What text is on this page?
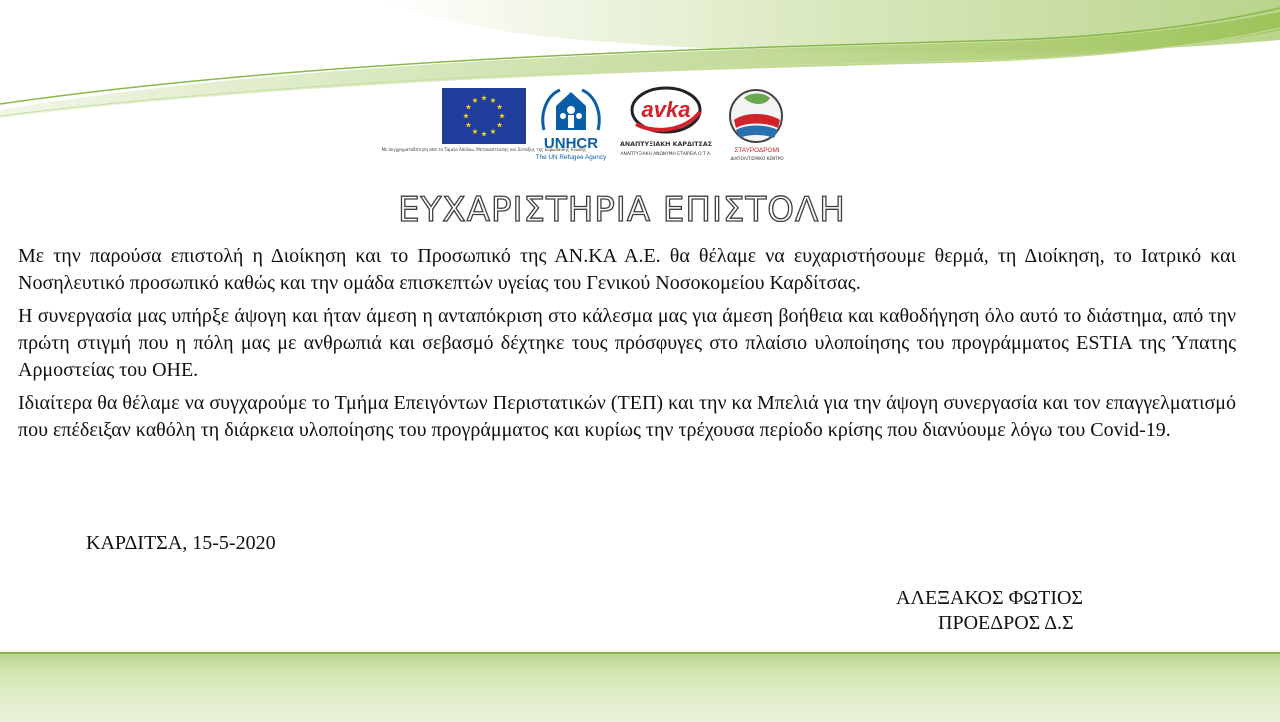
Με συγχρηματοδότηση από το Ταμείο Ασύλου, Μετανάστευσης και Ένταξης της Ευρωπαϊκής Ένωσης
UNHCR
The UN Refugee Agency
avka
ΑΝΑΠΤΥΞΙΑΚΗ ΚΑΡΔΙΤΣΑΣ
ΑΝΑΠΤΥΞΙΑΚΗ ΑΝΩΝΥΜΗ ΕΤΑΙΡΕΙΑ Ο.Τ.Α.
ΣΤΑΥΡΟΔΡΟΜΙ
ΔΙΑΠΟΛΙΤΙΣΜΙΚΟ ΚΕΝΤΡΟ
ΕΥΧΑΡΙΣΤΗΡΙΑ ΕΠΙΣΤΟΛΗ

Με την παρούσα επιστολή η Διοίκηση και το Προσωπικό της ΑΝ.ΚΑ Α.Ε. θα θέλαμε να ευχαριστήσουμε θερμά, τη Διοίκηση, το Ιατρικό και Νοσηλευτικό προσωπικό καθώς και την ομάδα επισκεπτών υγείας του Γενικού Νοσοκομείου Καρδίτσας.

Η συνεργασία μας υπήρξε άψογη και ήταν άμεση η ανταπόκριση στο κάλεσμα μας για άμεση βοήθεια και καθοδήγηση όλο αυτό το διάστημα, από την πρώτη στιγμή που η πόλη μας με ανθρωπιά και σεβασμό δέχτηκε τους πρόσφυγες στο πλαίσιο υλοποίησης του προγράμματος ESTIA της Ύπατης Αρμοστείας του ΟΗΕ.

Ιδιαίτερα θα θέλαμε να συγχαρούμε το Τμήμα Επειγόντων Περιστατικών (ΤΕΠ) και την κα Μπελιά για την άψογη συνεργασία και τον επαγγελματισμό που επέδειξαν καθόλη τη διάρκεια υλοποίησης του προγράμματος και κυρίως την τρέχουσα περίοδο κρίσης που διανύουμε λόγω του Covid-19.

ΚΑΡΔΙΤΣΑ, 15-5-2020
ΑΛΕΞΑΚΟΣ ΦΩΤΙΟΣ
ΠΡΟΕΔΡΟΣ Δ.Σ
